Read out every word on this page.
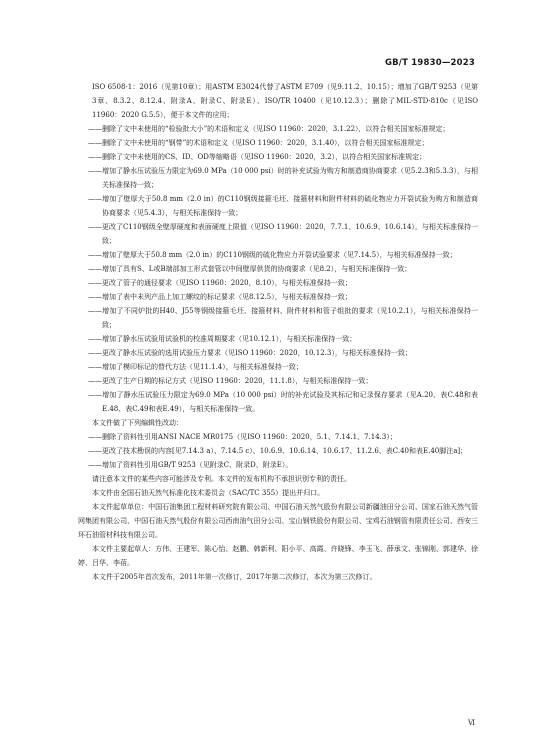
GB/T 19830—2023

ISO 6508-1：2016（见第10章）；用ASTM E3024代替了ASTM E709（见9.11.2、10.15）；增加了GB/T 9253（见第3章、8.3.2、8.12.4、附录A、附录C、附录E）、ISO/TR 10400（见10.12.3）；删除了MIL-STD-810c（见ISO 11960：2020 G.5.5），便于本文件的应用；

——删除了文中未使用的“检验批大小”的术语和定义（见ISO 11960：2020，3.1.22），以符合相关国家标准规定；

——删除了文中未使用的“钢带”的术语和定义（见ISO 11960：2020，3.1.40），以符合相关国家标准规定；

——删除了文中未使用的CS、ID、OD等缩略语（见ISO 11960：2020，3.2），以符合相关国家标准规定；

——增加了静水压试验压力限定为69.0 MPa（10 000 psi）时的补充试验为购方和制造商协商要求（见5.2.3和5.3.3），与相关标准保持一致；

——增加了壁厚大于50.8 mm（2.0 in）的C110钢级接箍毛坯、接箍材料和附件材料的硫化物应力开裂试验为购方和制造商协商要求（见5.4.3），与相关标准保持一致；

——更改了C110钢级全壁厚硬度和表面硬度上限值（见ISO 11960：2020，7.7.1、10.6.9、10.6.14），与相关标准保持一致；

——增加了壁厚大于50.8 mm（2.0 in）的C110钢级的硫化物应力开裂试验要求（见7.14.5），与相关标准保持一致；

——增加了具有S、L或B端部加工形式套管以中间壁厚供货的协商要求（见8.2），与相关标准保持一致；

——更改了管子的通径要求（见ISO 11960：2020，8.10），与相关标准保持一致；

——增加了表中未列产品上加工螺纹的标记要求（见8.12.5），与相关标准保持一致；

——增加了不同炉批的H40、J55等钢级接箍毛坯、接箍材料、附件材料和管子组批的要求（见10.2.1），与相关标准保持一致；

——增加了静水压试验用试验机的校准周期要求（见10.12.1），与相关标准保持一致；

——更改了静水压试验的选用试验压力要求（见ISO 11960：2020，10.12.3），与相关标准保持一致；

——增加了模印标记的替代方法（见11.1.4），与相关标准保持一致；

——更改了生产日期的标记方式（见ISO 11960：2020，11.1.8），与相关标准保持一致；

——增加了静水压试验压力限定为69.0 MPa（10 000 psi）时的补充试验及其标记和记录保存要求（见A.20、表C.48和表E.48、表C.49和表E.49），与相关标准保持一致。

本文件做了下列编辑性改动：

——删除了资料性引用ANSI NACE MR0175（见ISO 11960：2020，5.1、7.14.1、7.14.3）；

——更改了技术勘误的内容[见7.14.3 a）、7.14.5 c）、10.6.9、10.6.14、10.6.17、11.2.6、表C.40和表E.40脚注a]；

——增加了资料性引用GB/T 9253（见附录C、附录D、附录E）。

请注意本文件的某些内容可能涉及专利。本文件的发布机构不承担识别专利的责任。

本文件由全国石油天然气标准化技术委员会（SAC/TC 355）提出并归口。

本文件起草单位：中国石油集团工程材料研究院有限公司、中国石油天然气股份有限公司新疆油田分公司、国家石油天然气管网集团有限公司、中国石油天然气股份有限公司西南油气田分公司、宝山钢铁股份有限公司、宝鸡石油钢管有限责任公司、西安三环石油管材科技有限公司。

本文件主要起草人：方伟、王建军、陈心怡、赵鹏、韩新利、阳小平、高霞、许晓锋、李玉飞、薛承文、张锦刚、郭建华、徐婷、吕华、李蓓。

本文件于2005年首次发布，2011年第一次修订，2017年第二次修订，本次为第三次修订。

Ⅵ
